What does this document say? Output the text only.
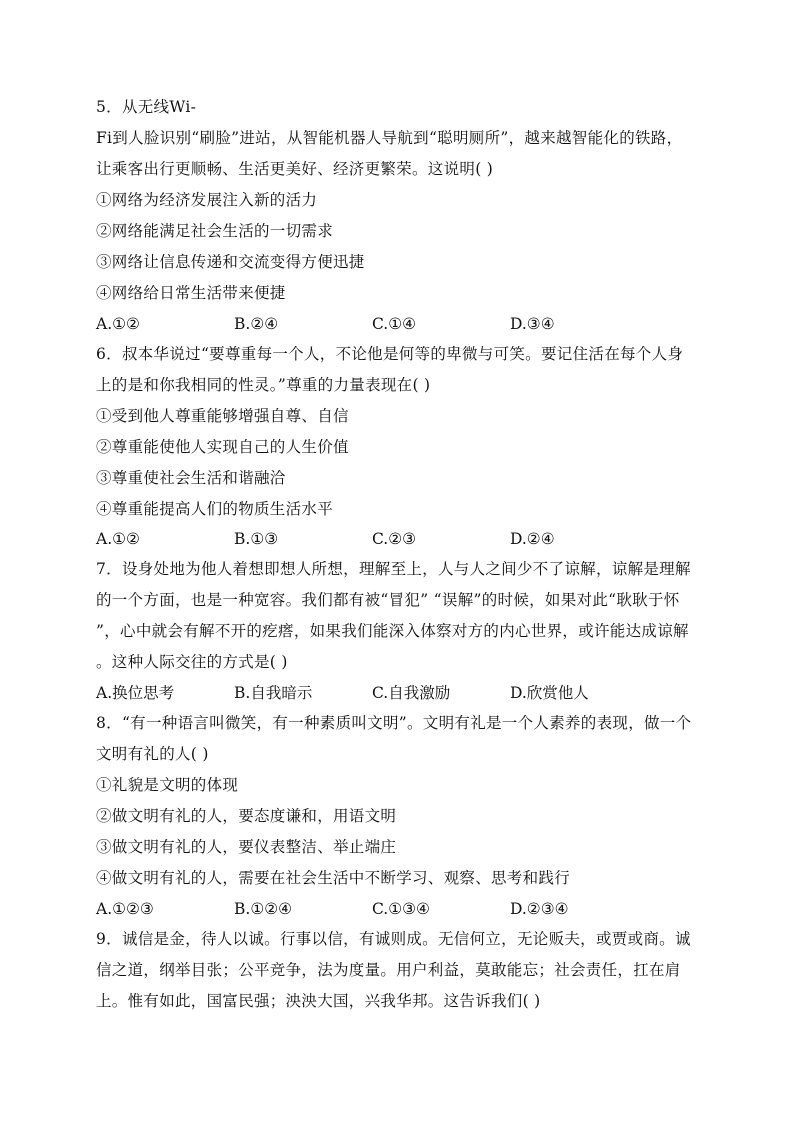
5．从无线Wi-
Fi到人脸识别“刷脸”进站，从智能机器人导航到“聪明厕所”，越来越智能化的铁路，
让乘客出行更顺畅、生活更美好、经济更繁荣。这说明( )
①网络为经济发展注入新的活力
②网络能满足社会生活的一切需求
③网络让信息传递和交流变得方便迅捷
④网络给日常生活带来便捷
A.①②	B.②④	C.①④	D.③④
6．叔本华说过“要尊重每一个人，不论他是何等的卑微与可笑。要记住活在每个人身
上的是和你我相同的性灵。”尊重的力量表现在( )
①受到他人尊重能够增强自尊、自信
②尊重能使他人实现自己的人生价值
③尊重使社会生活和谐融洽
④尊重能提高人们的物质生活水平
A.①②	B.①③	C.②③	D.②④
7．设身处地为他人着想即想人所想，理解至上，人与人之间少不了谅解，谅解是理解
的一个方面，也是一种宽容。我们都有被“冒犯” “误解”的时候，如果对此“耿耿于怀
”，心中就会有解不开的疙瘩，如果我们能深入体察对方的内心世界，或许能达成谅解
。这种人际交往的方式是( )
A.换位思考	B.自我暗示	C.自我激励	D.欣赏他人
8．“有一种语言叫微笑，有一种素质叫文明”。文明有礼是一个人素养的表现，做一个
文明有礼的人( )
①礼貌是文明的体现
②做文明有礼的人，要态度谦和，用语文明
③做文明有礼的人，要仪表整洁、举止端庄
④做文明有礼的人，需要在社会生活中不断学习、观察、思考和践行
A.①②③	B.①②④	C.①③④	D.②③④
9．诚信是金，待人以诚。行事以信，有诚则成。无信何立，无论贩夫，或贾或商。诚
信之道，纲举目张；公平竞争，法为度量。用户利益，莫敢能忘；社会责任，扛在肩
上。惟有如此，国富民强；泱泱大国，兴我华邦。这告诉我们( )
